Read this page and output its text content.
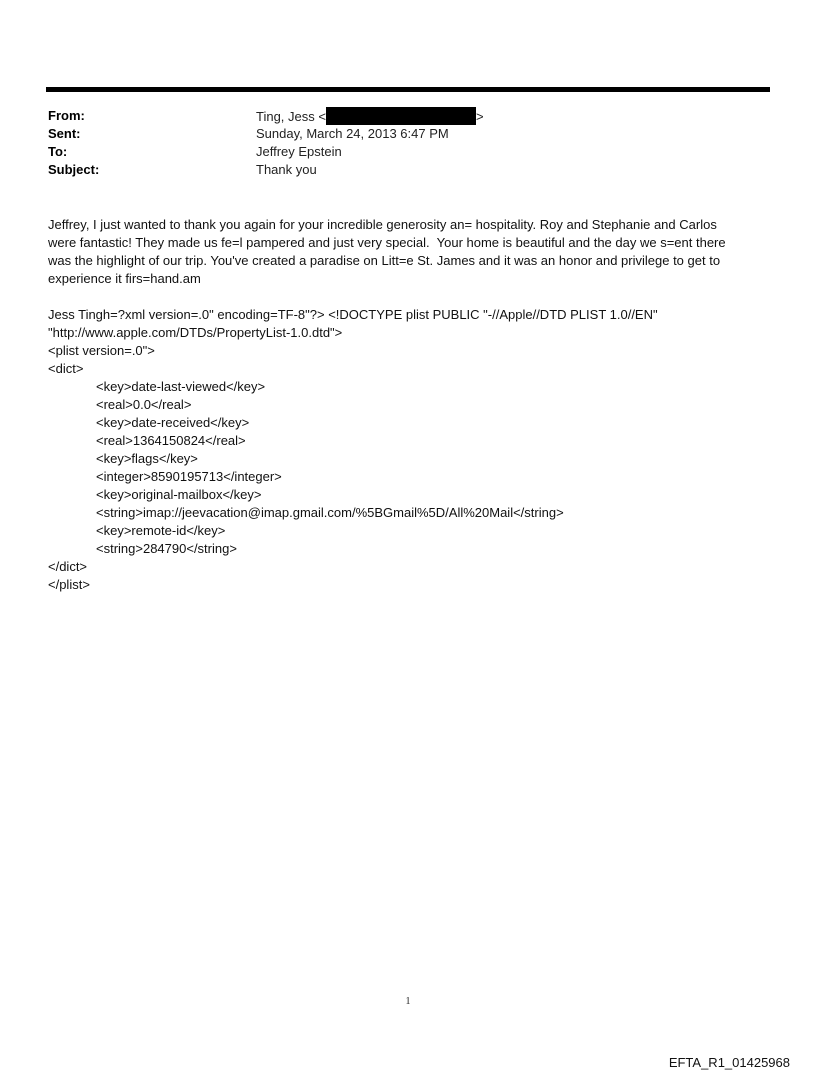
From:	Ting, Jess <	>
Sent:	Sunday, March 24, 2013 6:47 PM
To:	Jeffrey Epstein
Subject:	Thank you
Jeffrey, I just wanted to thank you again for your incredible generosity an= hospitality. Roy and Stephanie and Carlos
were fantastic! They made us fe=l pampered and just very special.  Your home is beautiful and the day we s=ent there
was the highlight of our trip. You've created a paradise on Litt=e St. James and it was an honor and privilege to get to
experience it firs=hand.am
Jess Tingh=?xml version=.0" encoding=TF-8"?> <!DOCTYPE plist PUBLIC "-//Apple//DTD PLIST 1.0//EN"
"http://www.apple.com/DTDs/PropertyList-1.0.dtd">
<plist version=.0">
<dict>
<key>date-last-viewed</key>
<real>0.0</real>
<key>date-received</key>
<real>1364150824</real>
<key>flags</key>
<integer>8590195713</integer>
<key>original-mailbox</key>
<string>imap://jeevacation@imap.gmail.com/%5BGmail%5D/All%20Mail</string>
<key>remote-id</key>
<string>284790</string>
</dict>
</plist>
1
EFTA_R1_01425968
